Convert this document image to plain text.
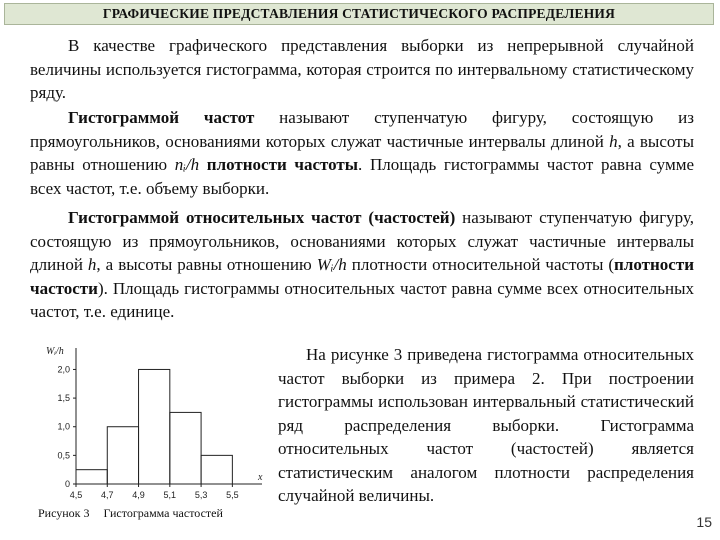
ГРАФИЧЕСКИЕ ПРЕДСТАВЛЕНИЯ СТАТИСТИЧЕСКОГО РАСПРЕДЕЛЕНИЯ

В качестве графического представления выборки из непрерывной случайной величины используется гистограмма, которая строится по интервальному статистическому ряду.

Гистограммой частот называют ступенчатую фигуру, состоящую из прямоугольников, основаниями которых служат частичные интервалы длиной h, а высоты равны отношению nᵢ/h плотности частоты. Площадь гистограммы частот равна сумме всех частот, т.е. объему выборки.

Гистограммой относительных частот (частостей) называют ступенчатую фигуру, состоящую из прямоугольников, основаниями которых служат частичные интервалы длиной h, а высоты равны отношению Wᵢ/h плотности относительной частоты (плотности частости). Площадь гистограммы относительных частот равна сумме всех относительных частот, т.е. единице.

0
0,5
1,0
1,5
2,0
4,5 4,7 4,9 5,1 5,3 5,5
Wᵢ/h
x
Рисунок 3 Гистограмма частостей

На рисунке 3 приведена гистограмма относительных частот выборки из примера 2. При построении гистограммы использован интервальный статистический ряд распределения выборки. Гистограмма относительных частот (частостей) является статистическим аналогом плотности распределения случайной величины.

15
